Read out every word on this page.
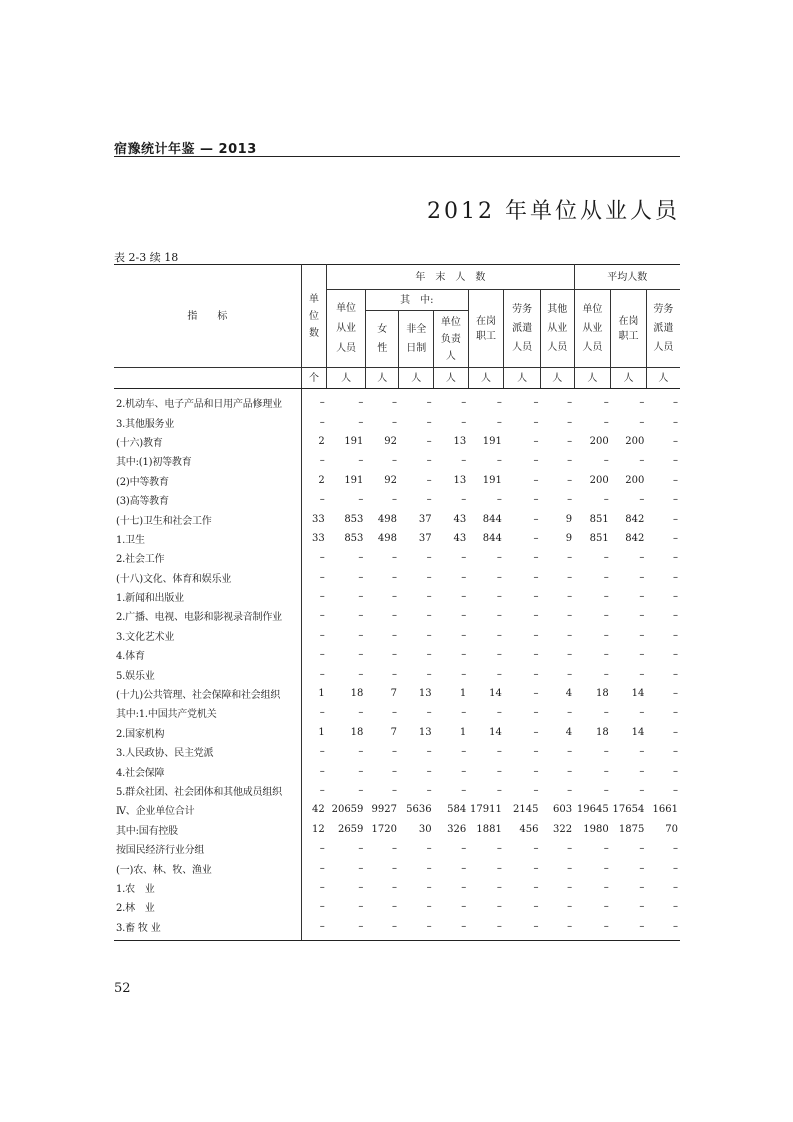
宿豫统计年鉴 — 2013
2012 年单位从业人员
表 2-3 续 18
指　　标	单位数	年　末　人　数							平均人数		
		单位从业人员	其　中:			在岗职工	劳务派遣人员	其他从业人员	单位从业人员	在岗职工	劳务派遣人员
			女性	非全日制	单位负责人						
	个	人	人	人	人	人	人	人	人	人	人
2.机动车、电子产品和日用产品修理业	–	–	–	–	–	–	–	–	–	–	–
3.其他服务业	–	–	–	–	–	–	–	–	–	–	–
(十六)教育	2	191	92	–	13	191	–	–	200	200	–
其中:(1)初等教育	–	–	–	–	–	–	–	–	–	–	–
(2)中等教育	2	191	92	–	13	191	–	–	200	200	–
(3)高等教育	–	–	–	–	–	–	–	–	–	–	–
(十七)卫生和社会工作	33	853	498	37	43	844	–	9	851	842	–
1.卫生	33	853	498	37	43	844	–	9	851	842	–
2.社会工作	–	–	–	–	–	–	–	–	–	–	–
(十八)文化、体育和娱乐业	–	–	–	–	–	–	–	–	–	–	–
1.新闻和出版业	–	–	–	–	–	–	–	–	–	–	–
2.广播、电视、电影和影视录音制作业	–	–	–	–	–	–	–	–	–	–	–
3.文化艺术业	–	–	–	–	–	–	–	–	–	–	–
4.体育	–	–	–	–	–	–	–	–	–	–	–
5.娱乐业	–	–	–	–	–	–	–	–	–	–	–
(十九)公共管理、社会保障和社会组织	1	18	7	13	1	14	–	4	18	14	–
其中:1.中国共产党机关	–	–	–	–	–	–	–	–	–	–	–
2.国家机构	1	18	7	13	1	14	–	4	18	14	–
3.人民政协、民主党派	–	–	–	–	–	–	–	–	–	–	–
4.社会保障	–	–	–	–	–	–	–	–	–	–	–
5.群众社团、社会团体和其他成员组织	–	–	–	–	–	–	–	–	–	–	–
Ⅳ、企业单位合计	42	20659	9927	5636	584	17911	2145	603	19645	17654	1661
其中:国有控股	12	2659	1720	30	326	1881	456	322	1980	1875	70
按国民经济行业分组	–	–	–	–	–	–	–	–	–	–	–
(一)农、林、牧、渔业	–	–	–	–	–	–	–	–	–	–	–
1.农　业	–	–	–	–	–	–	–	–	–	–	–
2.林　业	–	–	–	–	–	–	–	–	–	–	–
3.畜 牧 业	–	–	–	–	–	–	–	–	–	–	–
52
